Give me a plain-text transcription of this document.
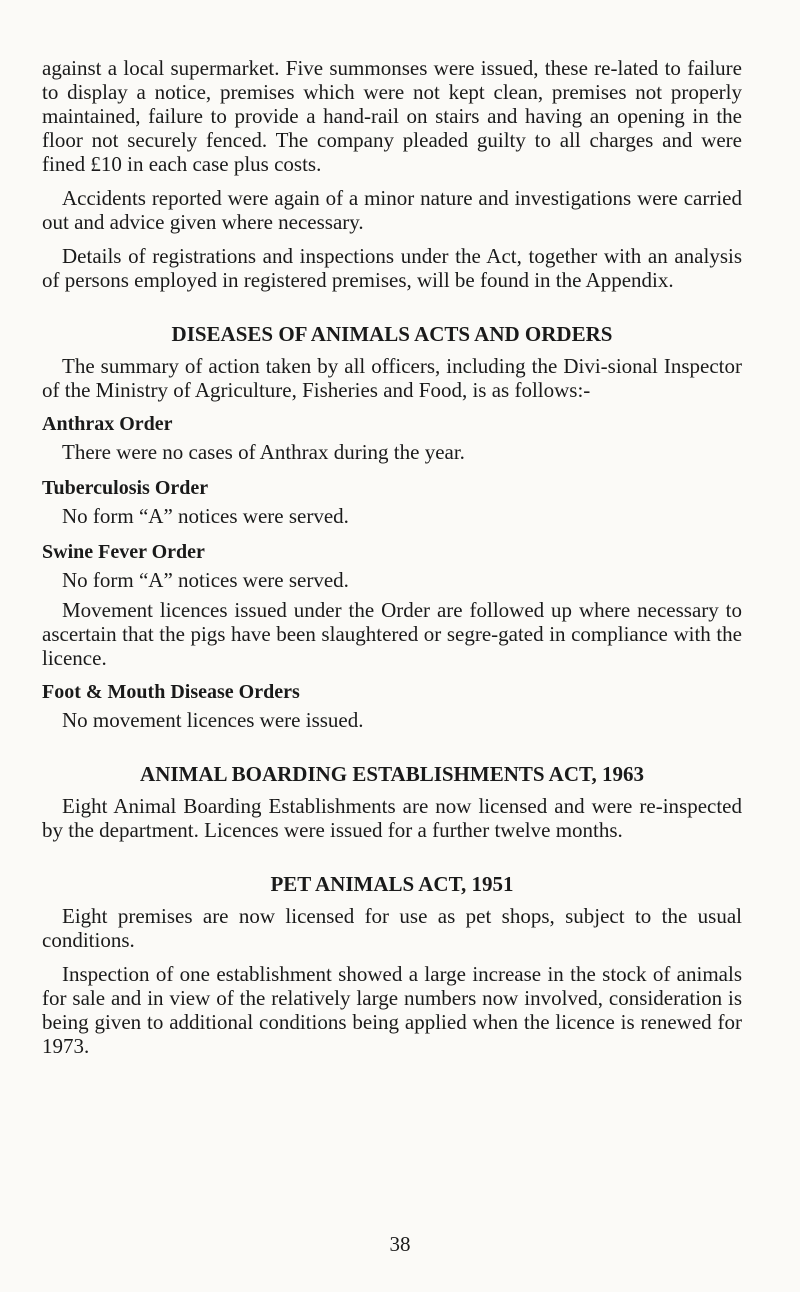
against a local supermarket. Five summonses were issued, these re-lated to failure to display a notice, premises which were not kept clean, premises not properly maintained, failure to provide a hand-rail on stairs and having an opening in the floor not securely fenced. The company pleaded guilty to all charges and were fined £10 in each case plus costs.

Accidents reported were again of a minor nature and investigations were carried out and advice given where necessary.

Details of registrations and inspections under the Act, together with an analysis of persons employed in registered premises, will be found in the Appendix.

DISEASES OF ANIMALS ACTS AND ORDERS

The summary of action taken by all officers, including the Divi-sional Inspector of the Ministry of Agriculture, Fisheries and Food, is as follows:-

Anthrax Order

There were no cases of Anthrax during the year.

Tuberculosis Order

No form “A” notices were served.

Swine Fever Order

No form “A” notices were served.

Movement licences issued under the Order are followed up where necessary to ascertain that the pigs have been slaughtered or segre-gated in compliance with the licence.

Foot & Mouth Disease Orders

No movement licences were issued.

ANIMAL BOARDING ESTABLISHMENTS ACT, 1963

Eight Animal Boarding Establishments are now licensed and were re-inspected by the department. Licences were issued for a further twelve months.

PET ANIMALS ACT, 1951

Eight premises are now licensed for use as pet shops, subject to the usual conditions.

Inspection of one establishment showed a large increase in the stock of animals for sale and in view of the relatively large numbers now involved, consideration is being given to additional conditions being applied when the licence is renewed for 1973.

38
